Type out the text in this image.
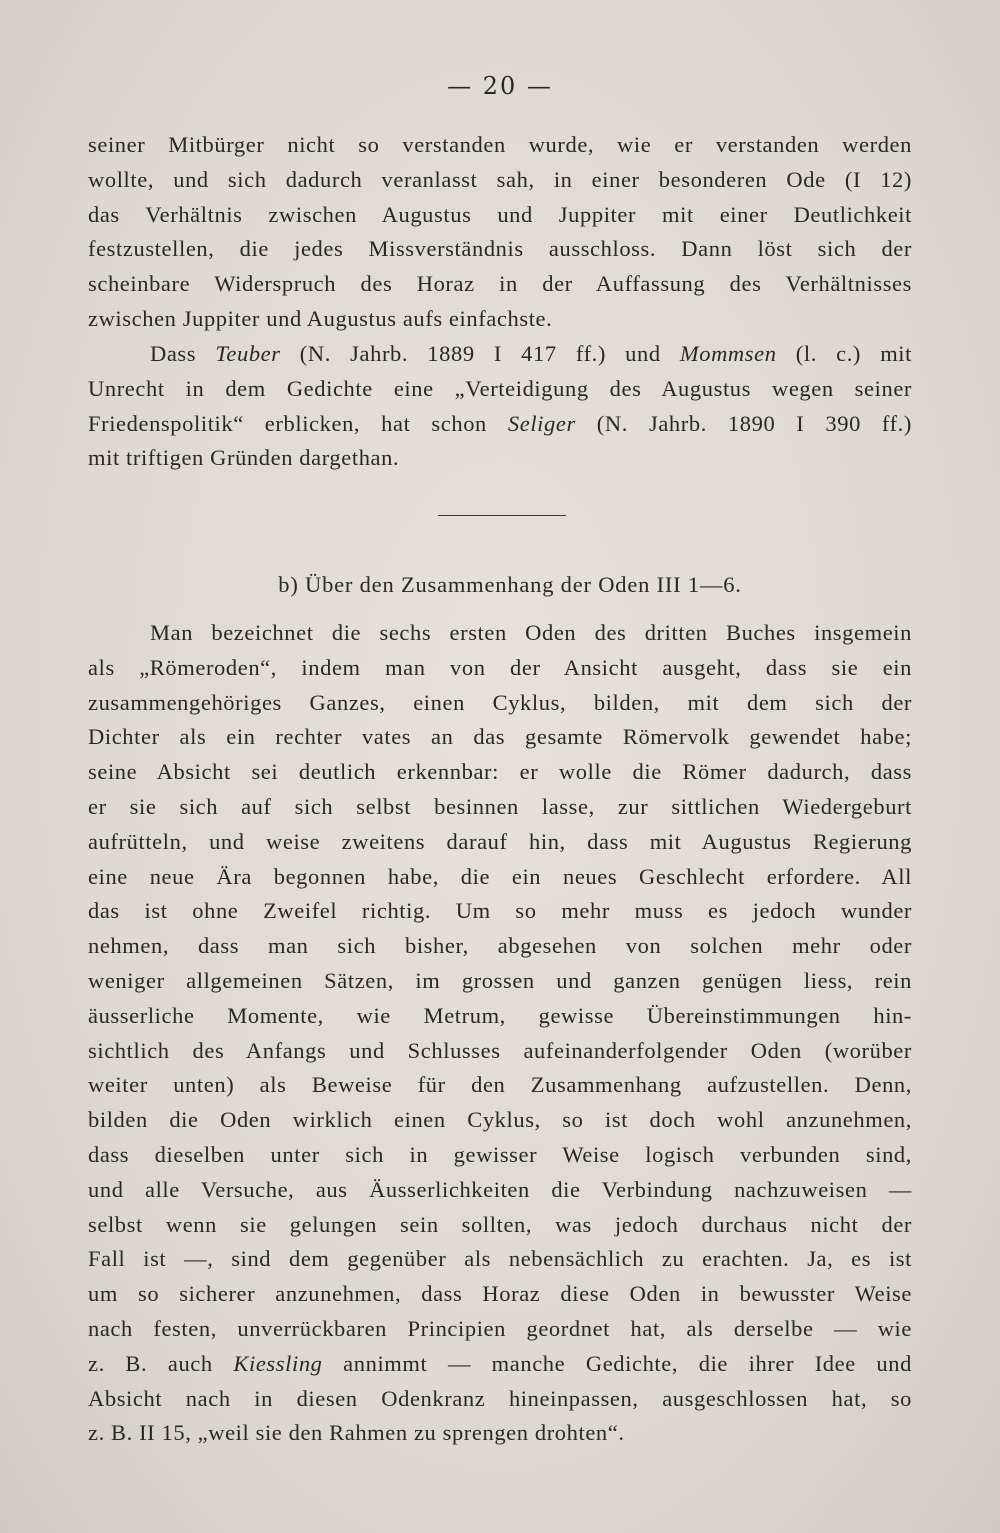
— 20 —
seiner Mitbürger nicht so verstanden wurde, wie er verstanden werden
wollte, und sich dadurch veranlasst sah, in einer besonderen Ode (I 12)
das Verhältnis zwischen Augustus und Juppiter mit einer Deutlichkeit
festzustellen, die jedes Missverständnis ausschloss. Dann löst sich der
scheinbare Widerspruch des Horaz in der Auffassung des Verhältnisses
zwischen Juppiter und Augustus aufs einfachste.
Dass Teuber (N. Jahrb. 1889 I 417 ff.) und Mommsen (l. c.) mit
Unrecht in dem Gedichte eine „Verteidigung des Augustus wegen seiner
Friedenspolitik“ erblicken, hat schon Seliger (N. Jahrb. 1890 I 390 ff.)
mit triftigen Gründen dargethan.
b) Über den Zusammenhang der Oden III 1—6.
Man bezeichnet die sechs ersten Oden des dritten Buches insgemein
als „Römeroden“, indem man von der Ansicht ausgeht, dass sie ein
zusammengehöriges Ganzes, einen Cyklus, bilden, mit dem sich der
Dichter als ein rechter vates an das gesamte Römervolk gewendet habe;
seine Absicht sei deutlich erkennbar: er wolle die Römer dadurch, dass
er sie sich auf sich selbst besinnen lasse, zur sittlichen Wiedergeburt
aufrütteln, und weise zweitens darauf hin, dass mit Augustus Regierung
eine neue Ära begonnen habe, die ein neues Geschlecht erfordere. All
das ist ohne Zweifel richtig. Um so mehr muss es jedoch wunder
nehmen, dass man sich bisher, abgesehen von solchen mehr oder
weniger allgemeinen Sätzen, im grossen und ganzen genügen liess, rein
äusserliche Momente, wie Metrum, gewisse Übereinstimmungen hin-
sichtlich des Anfangs und Schlusses aufeinanderfolgender Oden (worüber
weiter unten) als Beweise für den Zusammenhang aufzustellen. Denn,
bilden die Oden wirklich einen Cyklus, so ist doch wohl anzunehmen,
dass dieselben unter sich in gewisser Weise logisch verbunden sind,
und alle Versuche, aus Äusserlichkeiten die Verbindung nachzuweisen —
selbst wenn sie gelungen sein sollten, was jedoch durchaus nicht der
Fall ist —, sind dem gegenüber als nebensächlich zu erachten. Ja, es ist
um so sicherer anzunehmen, dass Horaz diese Oden in bewusster Weise
nach festen, unverrückbaren Principien geordnet hat, als derselbe — wie
z. B. auch Kiessling annimmt — manche Gedichte, die ihrer Idee und
Absicht nach in diesen Odenkranz hineinpassen, ausgeschlossen hat, so
z. B. II 15, „weil sie den Rahmen zu sprengen drohten“.
